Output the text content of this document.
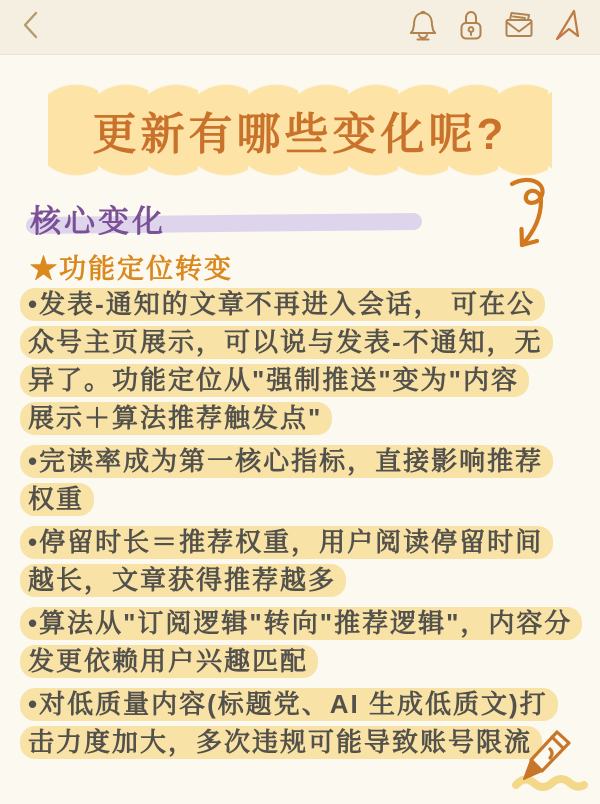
更新有哪些变化呢?
核心变化
★功能定位转变
•发表-通知的文章不再进入会话， 可在公
众号主页展示，可以说与发表-不通知，无
异了。功能定位从"强制推送"变为"内容
展示＋算法推荐触发点"
•完读率成为第一核心指标，直接影响推荐
权重
•停留时长＝推荐权重，用户阅读停留时间
越长，文章获得推荐越多
•算法从"订阅逻辑"转向"推荐逻辑"，内容分
发更依赖用户兴趣匹配
•对低质量内容(标题党、AI 生成低质文)打
击力度加大，多次违规可能导致账号限流
